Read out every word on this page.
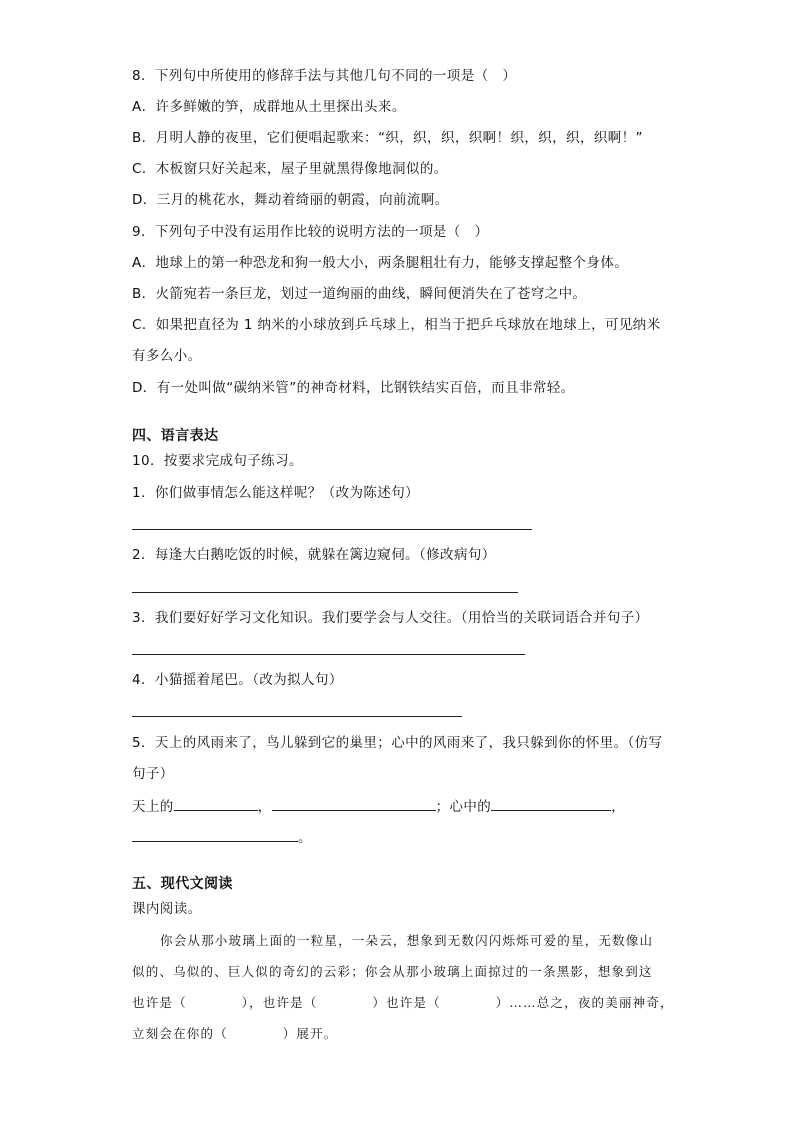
8．下列句中所使用的修辞手法与其他几句不同的一项是（　）
A．许多鲜嫩的笋，成群地从土里探出头来。
B．月明人静的夜里，它们便唱起歌来：“织，织，织，织啊！织，织，织，织啊！”
C．木板窗只好关起来，屋子里就黑得像地洞似的。
D．三月的桃花水，舞动着绮丽的朝霞，向前流啊。
9．下列句子中没有运用作比较的说明方法的一项是（　）
A．地球上的第一种恐龙和狗一般大小，两条腿粗壮有力，能够支撑起整个身体。
B．火箭宛若一条巨龙，划过一道绚丽的曲线，瞬间便消失在了苍穹之中。
C．如果把直径为 1 纳米的小球放到乒乓球上，相当于把乒乓球放在地球上，可见纳米
有多么小。
D．有一处叫做“碳纳米管”的神奇材料，比钢铁结实百倍，而且非常轻。
四、语言表达
10．按要求完成句子练习。
1．你们做事情怎么能这样呢？（改为陈述句）
2．每逢大白鹅吃饭的时候，就躲在篱边窥伺。（修改病句）
3．我们要好好学习文化知识。我们要学会与人交往。（用恰当的关联词语合并句子）
4．小猫摇着尾巴。（改为拟人句）
5．天上的风雨来了，鸟儿躲到它的巢里；心中的风雨来了，我只躲到你的怀里。（仿写
句子）
天上的	，	；心中的	，
。
五、现代文阅读
课内阅读。
你会从那小玻璃上面的一粒星，一朵云，想象到无数闪闪烁烁可爱的星，无数像山
似的、乌似的、巨人似的奇幻的云彩；你会从那小玻璃上面掠过的一条黑影，想象到这
也许是（　　　　），也许是（　　　　）也许是（　　　　）……总之，夜的美丽神奇，
立刻会在你的（　　　　）展开。
